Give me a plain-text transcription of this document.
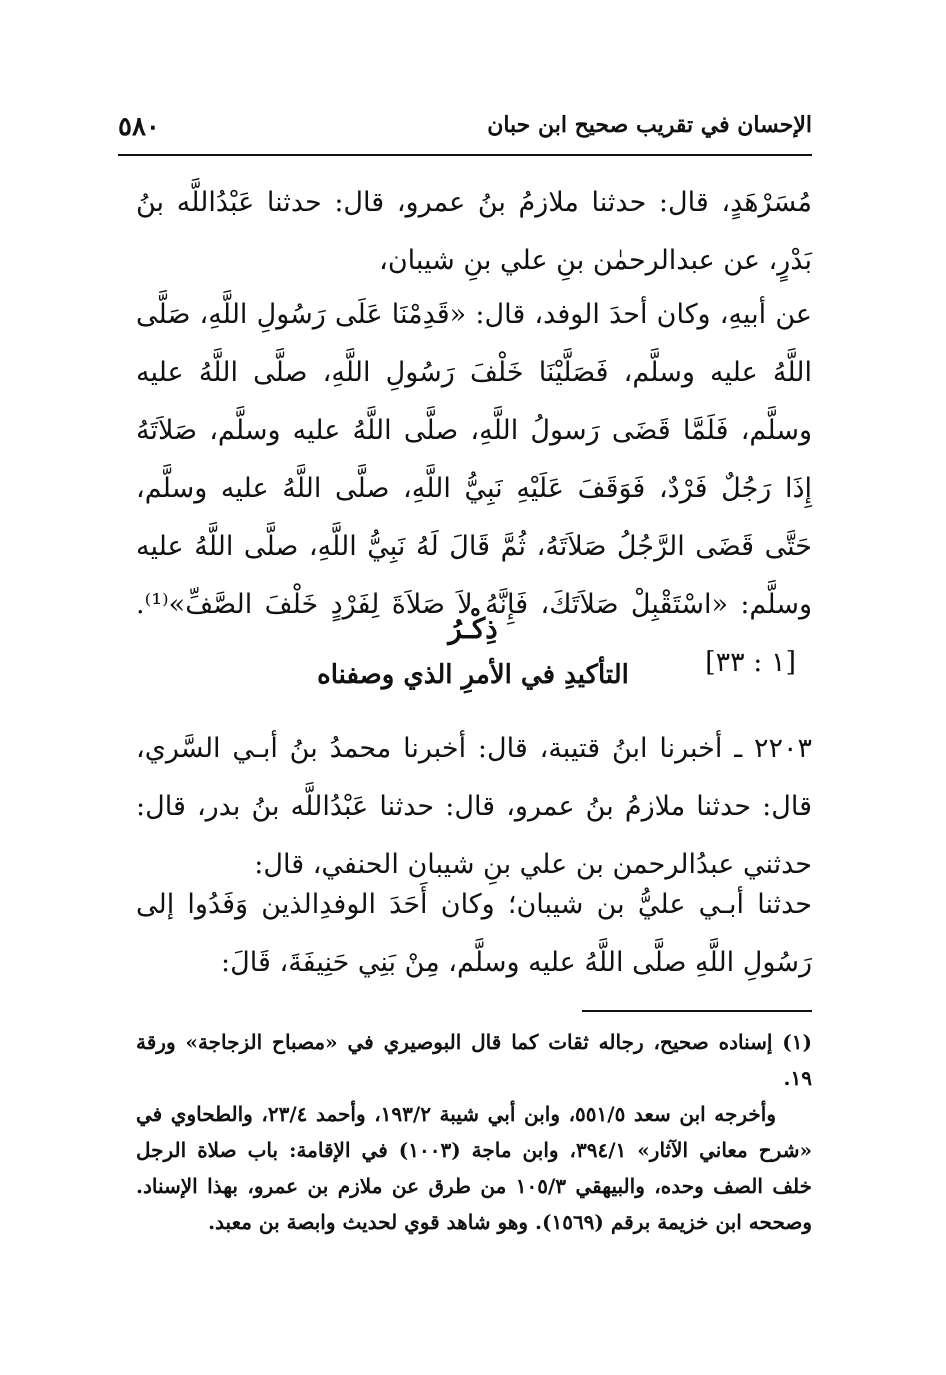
الإحسان في تقريب صحيح ابن حبان
٥٨٠
مُسَرْهَدٍ، قال: حدثنا ملازمُ بنُ عمرو، قال: حدثنا عَبْدُاللَّه بنُ بَدْرٍ، عن عبدالرحمٰن بنِ علي بنِ شيبان،
عن أبيهِ، وكان أحدَ الوفد، قال: «قَدِمْنَا عَلَى رَسُولِ اللَّهِ، صَلَّى اللَّهُ عليه وسلَّم، فَصَلَّيْنَا خَلْفَ رَسُولِ اللَّهِ، صلَّى اللَّهُ عليه وسلَّم، فَلَمَّا قَضَى رَسولُ اللَّهِ، صلَّى اللَّهُ عليه وسلَّم، صَلاَتَهُ إِذَا رَجُلٌ فَرْدٌ، فَوَقَفَ عَلَيْهِ نَبِيُّ اللَّهِ، صلَّى اللَّهُ عليه وسلَّم، حَتَّى قَضَى الرَّجُلُ صَلاَتَهُ، ثُمَّ قَالَ لَهُ نَبِيُّ اللَّهِ، صلَّى اللَّهُ عليه وسلَّم: «اسْتَقْبِلْ صَلاَتَكَ، فَإِنَّهُ لاَ صَلاَةَ لِفَرْدٍ خَلْفَ الصَّفِّ»⁽¹⁾. [١ : ٣٣]
ذِكْـرُ
التأكيدِ في الأمرِ الذي وصفناه
٢٢٠٣ ـ أخبرنا ابنُ قتيبة، قال: أخبرنا محمدُ بنُ أبـي السَّري، قال: حدثنا ملازمُ بنُ عمرو، قال: حدثنا عَبْدُاللَّه بنُ بدر، قال: حدثني عبدُالرحمن بن علي بنِ شيبان الحنفي، قال:
حدثنا أبـي عليُّ بن شيبان؛ وكان أَحَدَ الوفدِالذين وَفَدُوا إلى رَسُولِ اللَّهِ صلَّى اللَّهُ عليه وسلَّم، مِنْ بَنِي حَنِيفَةَ، قَالَ:
(١) إسناده صحيح، رجاله ثقات كما قال البوصيري في «مصباح الزجاجة» ورقة ١٩.
وأخرجه ابن سعد ٥٥١/٥، وابن أبي شيبة ١٩٣/٢، وأحمد ٢٣/٤، والطحاوي في «شرح معاني الآثار» ٣٩٤/١، وابن ماجة (١٠٠٣) في الإقامة: باب صلاة الرجل خلف الصف وحده، والبيهقي ١٠٥/٣ من طرق عن ملازم بن عمرو، بهذا الإسناد. وصححه ابن خزيمة برقم (١٥٦٩). وهو شاهد قوي لحديث وابصة بن معبد.
